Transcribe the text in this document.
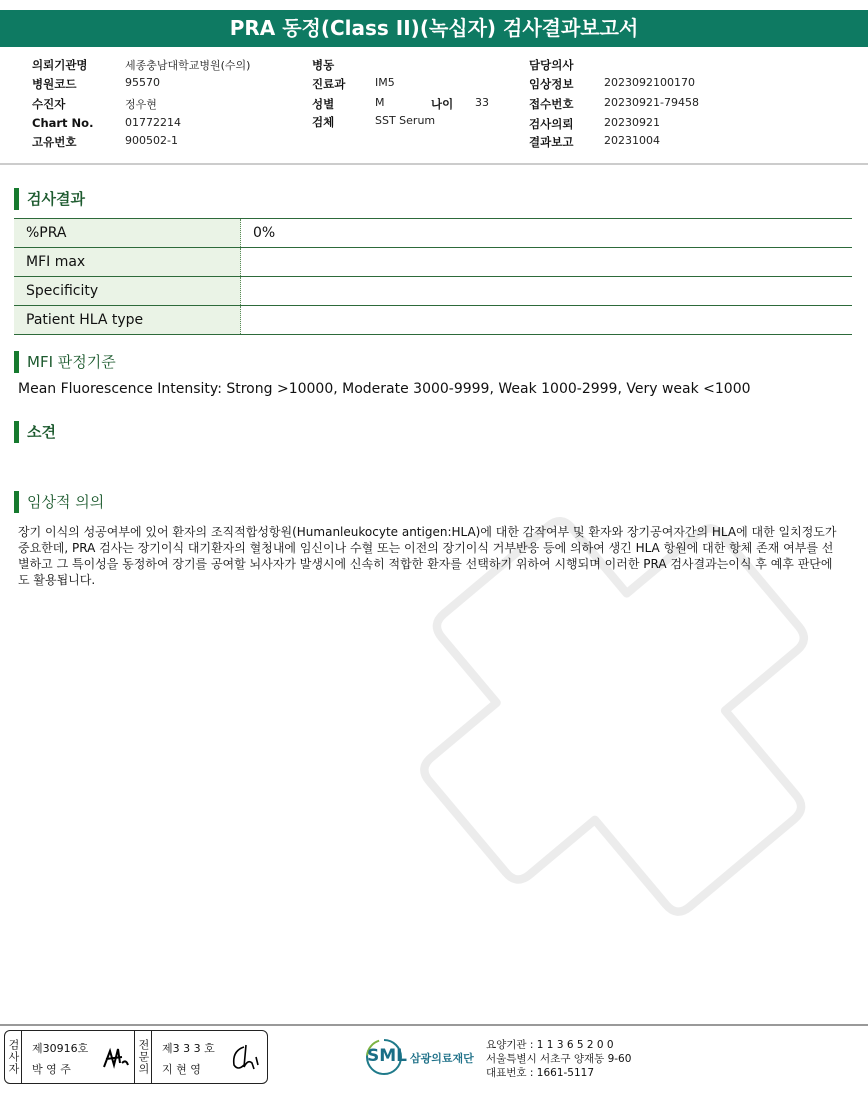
PRA 동정(Class II)(녹십자) 검사결과보고서
의뢰기관명	세종충남대학교병원(수의)
병원코드	95570
수진자	정우현
Chart No.	01772214
고유번호	900502-1
병동
진료과	IM5
성별	M	나이 33
검체	SST Serum
담당의사
임상정보	2023092100170
접수번호	20230921-79458
검사의뢰	20230921
결과보고	20231004
검사결과
%PRA	0%
MFI max	
Specificity	
Patient HLA type	
MFI 판정기준
Mean Fluorescence Intensity: Strong >10000, Moderate 3000-9999, Weak 1000-2999, Very weak <1000
소견
임상적 의의
장기 이식의 성공여부에 있어 환자의 조직적합성항원(Humanleukocyte antigen:HLA)에 대한 감작여부 및 환자와 장기공여자간의 HLA에 대한 일치정도가 중요한데, PRA 검사는 장기이식 대기환자의 혈청내에 임신이나 수혈 또는 이전의 장기이식 거부반응 등에 의하여 생긴 HLA 항원에 대한 항체 존재 여부를 선별하고 그 특이성을 동정하여 장기를 공여할 뇌사자가 발생시에 신속히 적합한 환자를 선택하기 위하여 시행되며 이러한 PRA 검사결과는이식 후 예후 판단에도 활용됩니다.
검사자 제30916호
박 영 주	전문의 제3 3 3 호
지 현 영
SML 삼광의료재단
요양기관 : 1 1 3 6 5 2 0 0
서울특별시 서초구 양재동 9-60
대표번호 : 1661-5117
